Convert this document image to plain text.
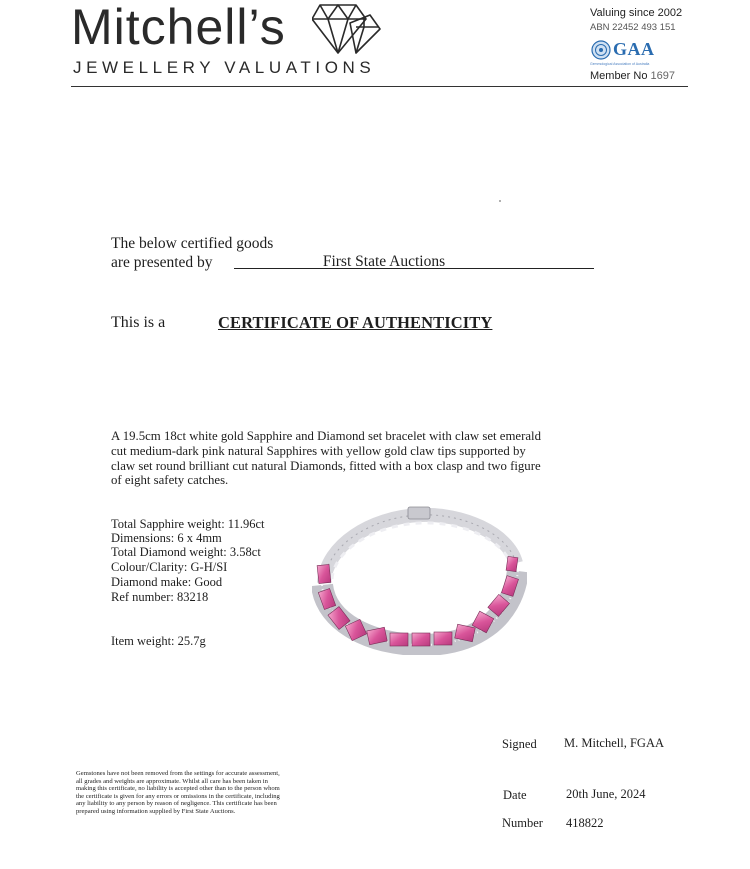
Mitchell’s
JEWELLERY VALUATIONS
Valuing since 2002
ABN 22452 493 151
GAA
Gemmological Association of Australia
Member No 1697
The below certified goods
are presented by	First State Auctions
This is a	CERTIFICATE OF AUTHENTICITY
A 19.5cm 18ct white gold Sapphire and Diamond set bracelet with claw set emerald cut medium-dark pink natural Sapphires with yellow gold claw tips supported by claw set round brilliant cut natural Diamonds, fitted with a box clasp and two figure of eight safety catches.
Total Sapphire weight: 11.96ct
Dimensions: 6 x 4mm
Total Diamond weight: 3.58ct
Colour/Clarity: G-H/SI
Diamond make: Good
Ref number: 83218
Item weight: 25.7g
Gemstones have not been removed from the settings for accurate assessment, all grades and weights are approximate. Whilst all care has been taken in making this certificate, no liability is accepted other than to the person whom the certificate is given for any errors or omissions in the certificate, including any liability to any person by reason of negligence. This certificate has been prepared using information supplied by First State Auctions.
Signed M. Mitchell, FGAA
Date	20th June, 2024
Number 418822
